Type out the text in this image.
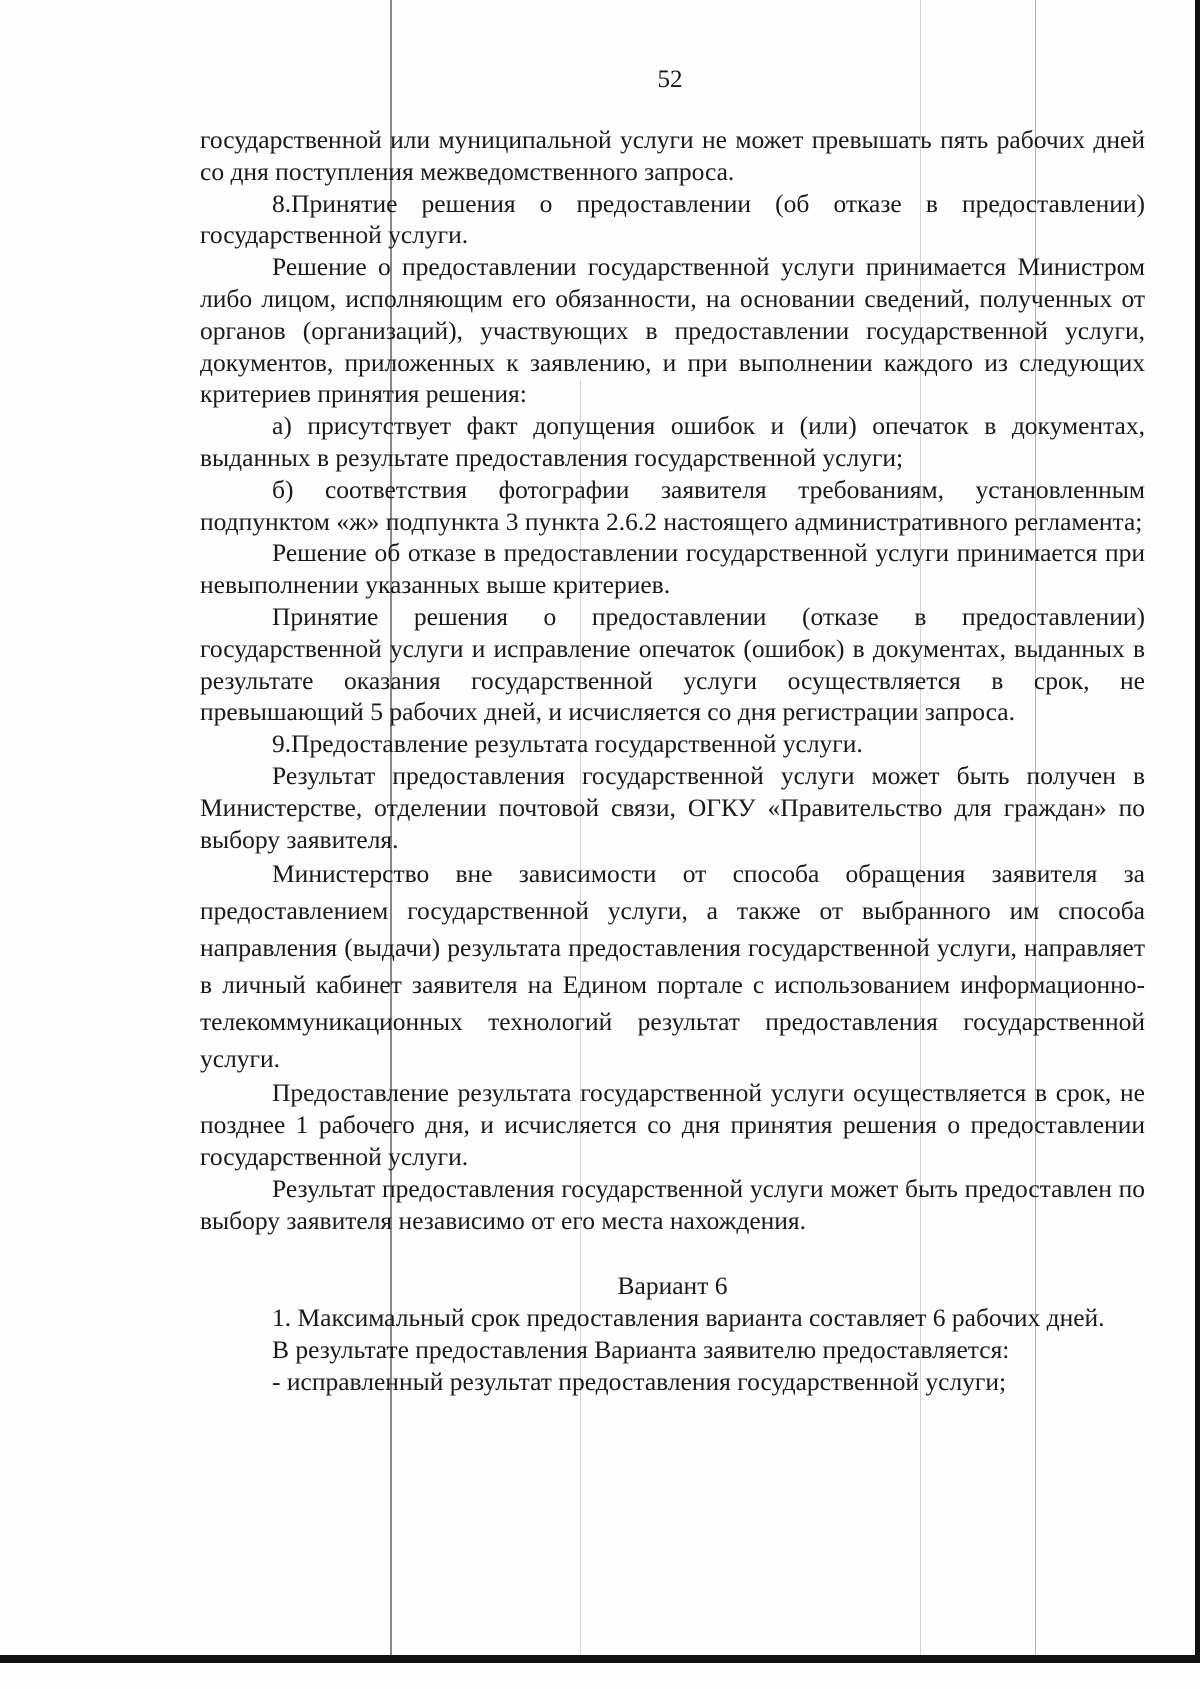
52

государственной или муниципальной услуги не может превышать пять рабочих дней со дня поступления межведомственного запроса.

8.Принятие решения о предоставлении (об отказе в предоставлении) государственной услуги.

Решение о предоставлении государственной услуги принимается Министром либо лицом, исполняющим его обязанности, на основании сведений, полученных от органов (организаций), участвующих в предоставлении государственной услуги, документов, приложенных к заявлению, и при выполнении каждого из следующих критериев принятия решения:

а) присутствует факт допущения ошибок и (или) опечаток в документах, выданных в результате предоставления государственной услуги;

б) соответствия фотографии заявителя требованиям, установленным подпунктом «ж» подпункта 3 пункта 2.6.2 настоящего административного регламента;

Решение об отказе в предоставлении государственной услуги принимается при невыполнении указанных выше критериев.

Принятие решения о предоставлении (отказе в предоставлении) государственной услуги и исправление опечаток (ошибок) в документах, выданных в результате оказания государственной услуги осуществляется в срок, не превышающий 5 рабочих дней, и исчисляется со дня регистрации запроса.

9.Предоставление результата государственной услуги.

Результат предоставления государственной услуги может быть получен в Министерстве, отделении почтовой связи, ОГКУ «Правительство для граждан» по выбору заявителя.

Министерство вне зависимости от способа обращения заявителя за предоставлением государственной услуги, а также от выбранного им способа направления (выдачи) результата предоставления государственной услуги, направляет в личный кабинет заявителя на Едином портале с использованием информационно-телекоммуникационных технологий результат предоставления государственной услуги.

Предоставление результата государственной услуги осуществляется в срок, не позднее 1 рабочего дня, и исчисляется со дня принятия решения о предоставлении государственной услуги.

Результат предоставления государственной услуги может быть предоставлен по выбору заявителя независимо от его места нахождения.

Вариант 6

1. Максимальный срок предоставления варианта составляет 6 рабочих дней.

В результате предоставления Варианта заявителю предоставляется:

- исправленный результат предоставления государственной услуги;
